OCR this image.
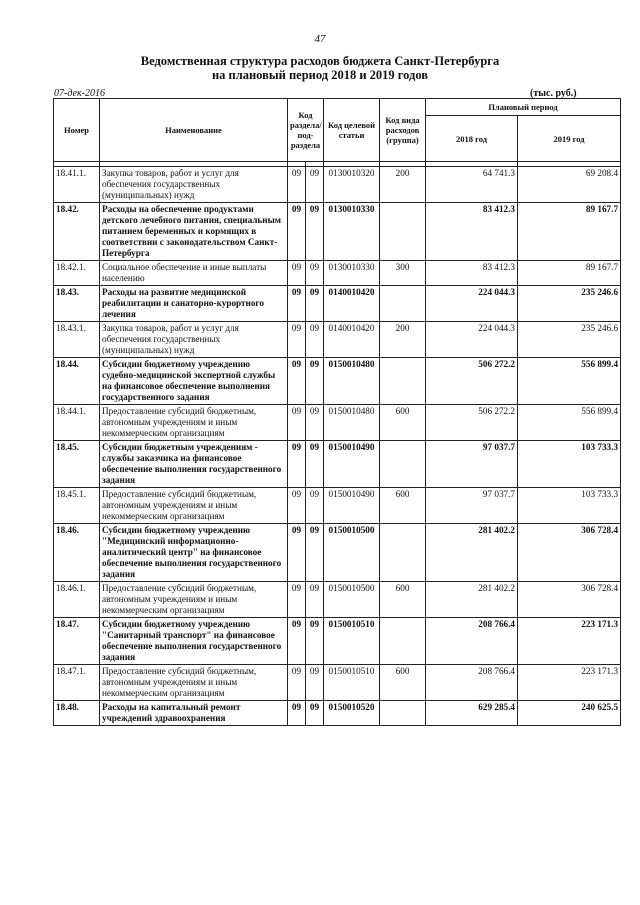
47
Ведомственная структура расходов бюджета Санкт-Петербурга
на плановый период 2018 и 2019 годов
07-дек-2016	(тыс. руб.)
Номер	Наименование	Код раздела/ под- раздела		Код целевой статьи	Код вида расходов (группа)	Плановый период	
						2018 год	2019 год

18.41.1.	Закупка товаров, работ и услуг для обеспечения государственных (муниципальных) нужд	09	09	0130010320	200	64 741.3	69 208.4
18.42.	Расходы на обеспечение продуктами детского лечебного питания, специальным питанием беременных и кормящих в соответствии с законодательством Санкт-Петербурга	09	09	0130010330		83 412.3	89 167.7
18.42.1.	Социальное обеспечение и иные выплаты населению	09	09	0130010330	300	83 412.3	89 167.7
18.43.	Расходы на развитие медицинской реабилитации и санаторно-курортного лечения	09	09	0140010420		224 044.3	235 246.6
18.43.1.	Закупка товаров, работ и услуг для обеспечения государственных (муниципальных) нужд	09	09	0140010420	200	224 044.3	235 246.6
18.44.	Субсидии бюджетному учреждению судебно-медицинской экспертной службы на финансовое обеспечение выполнения государственного задания	09	09	0150010480		506 272.2	556 899.4
18.44.1.	Предоставление субсидий бюджетным, автономным учреждениям и иным некоммерческим организациям	09	09	0150010480	600	506 272.2	556 899.4
18.45.	Субсидии бюджетным учреждениям - службы заказчика на финансовое обеспечение выполнения государственного задания	09	09	0150010490		97 037.7	103 733.3
18.45.1.	Предоставление субсидий бюджетным, автономным учреждениям и иным некоммерческим организациям	09	09	0150010490	600	97 037.7	103 733.3
18.46.	Субсидии бюджетному учреждению "Медицинский информационно-аналитический центр" на финансовое обеспечение выполнения государственного задания	09	09	0150010500		281 402.2	306 728.4
18.46.1.	Предоставление субсидий бюджетным, автономным учреждениям и иным некоммерческим организациям	09	09	0150010500	600	281 402.2	306 728.4
18.47.	Субсидии бюджетному учреждению "Санитарный транспорт" на финансовое обеспечение выполнения государственного задания	09	09	0150010510		208 766.4	223 171.3
18.47.1.	Предоставление субсидий бюджетным, автономным учреждениям и иным некоммерческим организациям	09	09	0150010510	600	208 766.4	223 171.3
18.48.	Расходы на капитальный ремонт учреждений здравоохранения	09	09	0150010520		629 285.4	240 625.5
